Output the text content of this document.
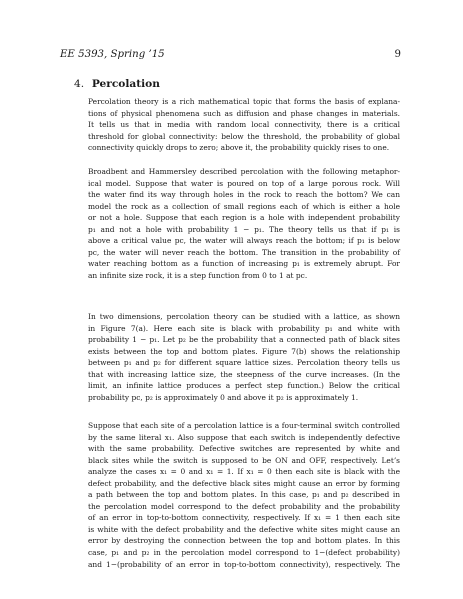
EE 5393, Spring ’15	9
4. Percolation
Percolation theory is a rich mathematical topic that forms the basis of explana-
tions of physical phenomena such as diffusion and phase changes in materials.
It tells us that in media with random local connectivity, there is a critical
threshold for global connectivity: below the threshold, the probability of global
connectivity quickly drops to zero; above it, the probability quickly rises to one.
Broadbent and Hammersley described percolation with the following metaphor-
ical model. Suppose that water is poured on top of a large porous rock. Will
the water find its way through holes in the rock to reach the bottom? We can
model the rock as a collection of small regions each of which is either a hole
or not a hole. Suppose that each region is a hole with independent probability
p₁ and not a hole with probability 1 − p₁. The theory tells us that if p₁ is
above a critical value pc, the water will always reach the bottom; if p₁ is below
pc, the water will never reach the bottom. The transition in the probability of
water reaching bottom as a function of increasing p₁ is extremely abrupt. For
an infinite size rock, it is a step function from 0 to 1 at pc.
In two dimensions, percolation theory can be studied with a lattice, as shown
in Figure 7(a). Here each site is black with probability p₁ and white with
probability 1 − p₁. Let p₂ be the probability that a connected path of black sites
exists between the top and bottom plates. Figure 7(b) shows the relationship
between p₁ and p₂ for different square lattice sizes. Percolation theory tells us
that with increasing lattice size, the steepness of the curve increases. (In the
limit, an infinite lattice produces a perfect step function.) Below the critical
probability pc, p₂ is approximately 0 and above it p₂ is approximately 1.
Suppose that each site of a percolation lattice is a four-terminal switch controlled
by the same literal x₁. Also suppose that each switch is independently defective
with the same probability. Defective switches are represented by white and
black sites while the switch is supposed to be ON and OFF, respectively. Let’s
analyze the cases x₁ = 0 and x₁ = 1. If x₁ = 0 then each site is black with the
defect probability, and the defective black sites might cause an error by forming
a path between the top and bottom plates. In this case, p₁ and p₂ described in
the percolation model correspond to the defect probability and the probability
of an error in top-to-bottom connectivity, respectively. If x₁ = 1 then each site
is white with the defect probability and the defective white sites might cause an
error by destroying the connection between the top and bottom plates. In this
case, p₁ and p₂ in the percolation model correspond to 1−(defect probability)
and 1−(probability of an error in top-to-bottom connectivity), respectively. The
